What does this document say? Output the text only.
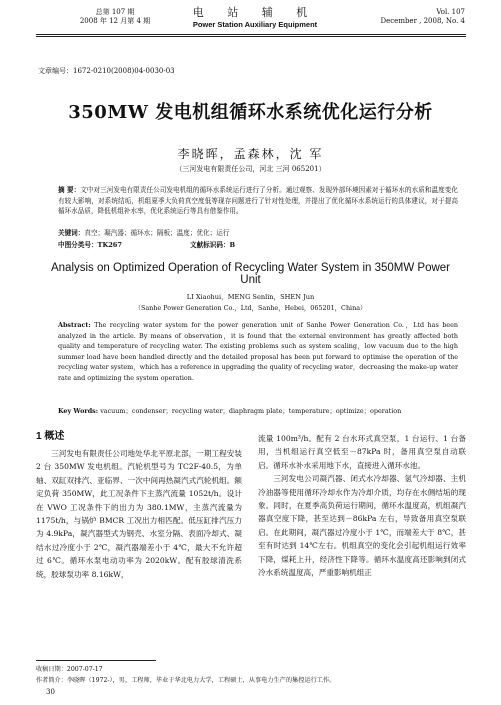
总第 107 期
2008 年 12 月第 4 期
电 站 辅 机
Power Station Auxiliary Equipment
Vol. 107
December , 2008, No. 4
文章编号：1672-0210(2008)04-0030-03
350MW 发电机组循环水系统优化运行分析
李晓晖，孟森林，沈 军
（三河发电有限责任公司，河北 三河 065201）
摘 要：文中对三河发电有限责任公司发电机组的循环水系统运行进行了分析。通过观察、发现外部环境因素对于循环水的水质和温度变化有较大影响，对系统结垢，机组夏季大负荷真空度低等现存问题进行了针对性处理，并提出了优化循环水系统运行的具体建议，对于提高循环水品质，降低机组补水率，优化系统运行等具有借鉴作用。
关键词：真空；凝汽器；循环水；隔板；温度；优化；运行
中图分类号：TK267	文献标识码：B
Analysis on Optimized Operation of Recycling Water System in 350MW Power Unit
LI Xiaohui，MENG Senlin，SHEN Jun
（Sanhe Power Generation Co.，Ltd，Sanhe，Hebei，065201，China）
Abstract: The recycling water system for the power generation unit of Sanhe Power Generation Co.，Ltd has been analyzed in the article. By means of observation，it is found that the external environment has greatly affected both quality and temperature of recycling water. The existing problems such as system scaling，low vacuum due to the high summer load have been handled directly and the detailed proposal has been put forward to optimise the operation of the recycling water system，which has a reference in upgrading the quality of recycling water，decreasing the make-up water rate and optimizing the system operation.
Key Words: vacuum；condenser；recycling water；diaphragm plate；temperature；optimize；operation
1 概述
三河发电有限责任公司地处华北平原北部，一期工程安装 2 台 350MW 发电机组。汽轮机型号为 TC2F-40.5，为单轴、双缸双排汽、亚临界、一次中间再热凝汽式汽轮机组。额定负荷 350MW，此工况条件下主蒸汽流量 1052t/h。设计在 VWO 工况条件下的出力为 380.1MW，主蒸汽流量为 1175t/h，与锅炉 BMCR 工况出力相匹配。低压缸排汽压力为 4.9kPa，凝汽器型式为钢壳、水室分隔、表面冷却式、凝结水过冷度小于 2℃，凝汽器端差小于 4℃，最大不允许超过 6℃。循环水泵电动功率为 2020kW。配有胶球清洗系统，胶球泵功率 8.16kW，
流量 100m³/h。配有 2 台水环式真空泵，1 台运行、1 台备用，当机组运行真空低至－87kPa 时，备用真空泵自动联启。循环水补水采用地下水，直接进入循环水池。
三河发电公司凝汽器、闭式水冷却器、氢气冷却器、主机冷油器等使用循环冷却水作为冷却介质，均存在水侧结垢的现象。同时，在夏季高负荷运行期间，循环水温度高，机组凝汽器真空度下降，甚至达到－86kPa 左右，导致备用真空泵联启。在此期间，凝汽器过冷度小于 1℃，而端差大于 8℃，甚至有时达到 14℃左右。机组真空的变化会引起机组运行效率下降，煤耗上升，经济性下降等。循环水温度高还影响到闭式冷水系统温度高，严重影响机组正
收稿日期：2007-07-17
作者简介：李晓晖（1972-），男，工程师，毕业于华北电力大学，工程硕士，从事电力生产的集控运行工作。
30
